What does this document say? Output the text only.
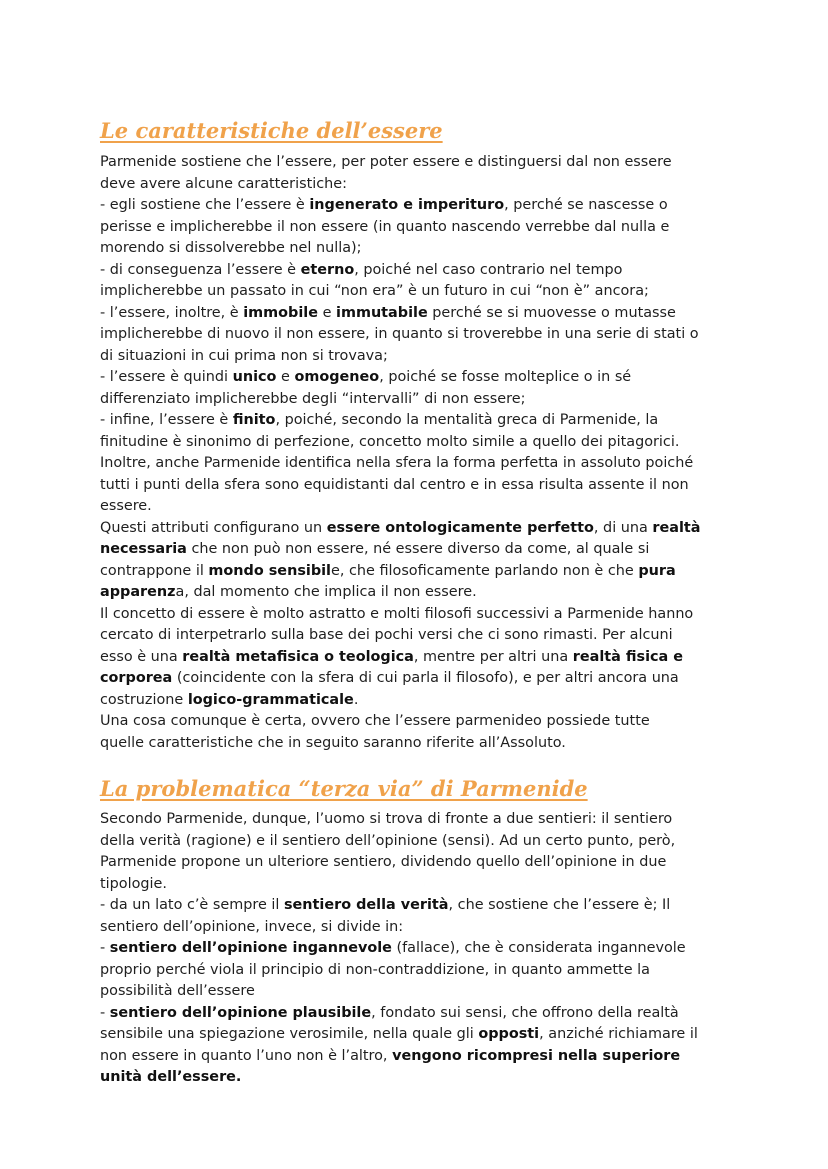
Le caratteristiche dell’essere
Parmenide sostiene che l’essere, per poter essere e distinguersi dal non essere
deve avere alcune caratteristiche:
- egli sostiene che l’essere è ingenerato e imperituro, perché se nascesse o
perisse e implicherebbe il non essere (in quanto nascendo verrebbe dal nulla e
morendo si dissolverebbe nel nulla);
- di conseguenza l’essere è eterno, poiché nel caso contrario nel tempo
implicherebbe un passato in cui “non era” è un futuro in cui “non è” ancora;
- l’essere, inoltre, è immobile e immutabile perché se si muovesse o mutasse
implicherebbe di nuovo il non essere, in quanto si troverebbe in una serie di stati o
di situazioni in cui prima non si trovava;
- l’essere è quindi unico e omogeneo, poiché se fosse molteplice o in sé
differenziato implicherebbe degli “intervalli” di non essere;
- infine, l’essere è finito, poiché, secondo la mentalità greca di Parmenide, la
finitudine è sinonimo di perfezione, concetto molto simile a quello dei pitagorici.
Inoltre, anche Parmenide identifica nella sfera la forma perfetta in assoluto poiché
tutti i punti della sfera sono equidistanti dal centro e in essa risulta assente il non
essere.
Questi attributi configurano un essere ontologicamente perfetto, di una realtà
necessaria che non può non essere, né essere diverso da come, al quale si
contrappone il mondo sensibile, che filosoficamente parlando non è che pura
apparenza, dal momento che implica il non essere.
Il concetto di essere è molto astratto e molti filosofi successivi a Parmenide hanno
cercato di interpetrarlo sulla base dei pochi versi che ci sono rimasti. Per alcuni
esso è una realtà metafisica o teologica, mentre per altri una realtà fisica e
corporea (coincidente con la sfera di cui parla il filosofo), e per altri ancora una
costruzione logico-grammaticale.
Una cosa comunque è certa, ovvero che l’essere parmenideo possiede tutte
quelle caratteristiche che in seguito saranno riferite all’Assoluto.
La problematica “terza via” di Parmenide
Secondo Parmenide, dunque, l’uomo si trova di fronte a due sentieri: il sentiero
della verità (ragione) e il sentiero dell’opinione (sensi). Ad un certo punto, però,
Parmenide propone un ulteriore sentiero, dividendo quello dell’opinione in due
tipologie.
- da un lato c’è sempre il sentiero della verità, che sostiene che l’essere è; Il
sentiero dell’opinione, invece, si divide in:
- sentiero dell’opinione ingannevole (fallace), che è considerata ingannevole
proprio perché viola il principio di non-contraddizione, in quanto ammette la
possibilità dell’essere
- sentiero dell’opinione plausibile, fondato sui sensi, che offrono della realtà
sensibile una spiegazione verosimile, nella quale gli opposti, anziché richiamare il
non essere in quanto l’uno non è l’altro, vengono ricompresi nella superiore
unità dell’essere.
